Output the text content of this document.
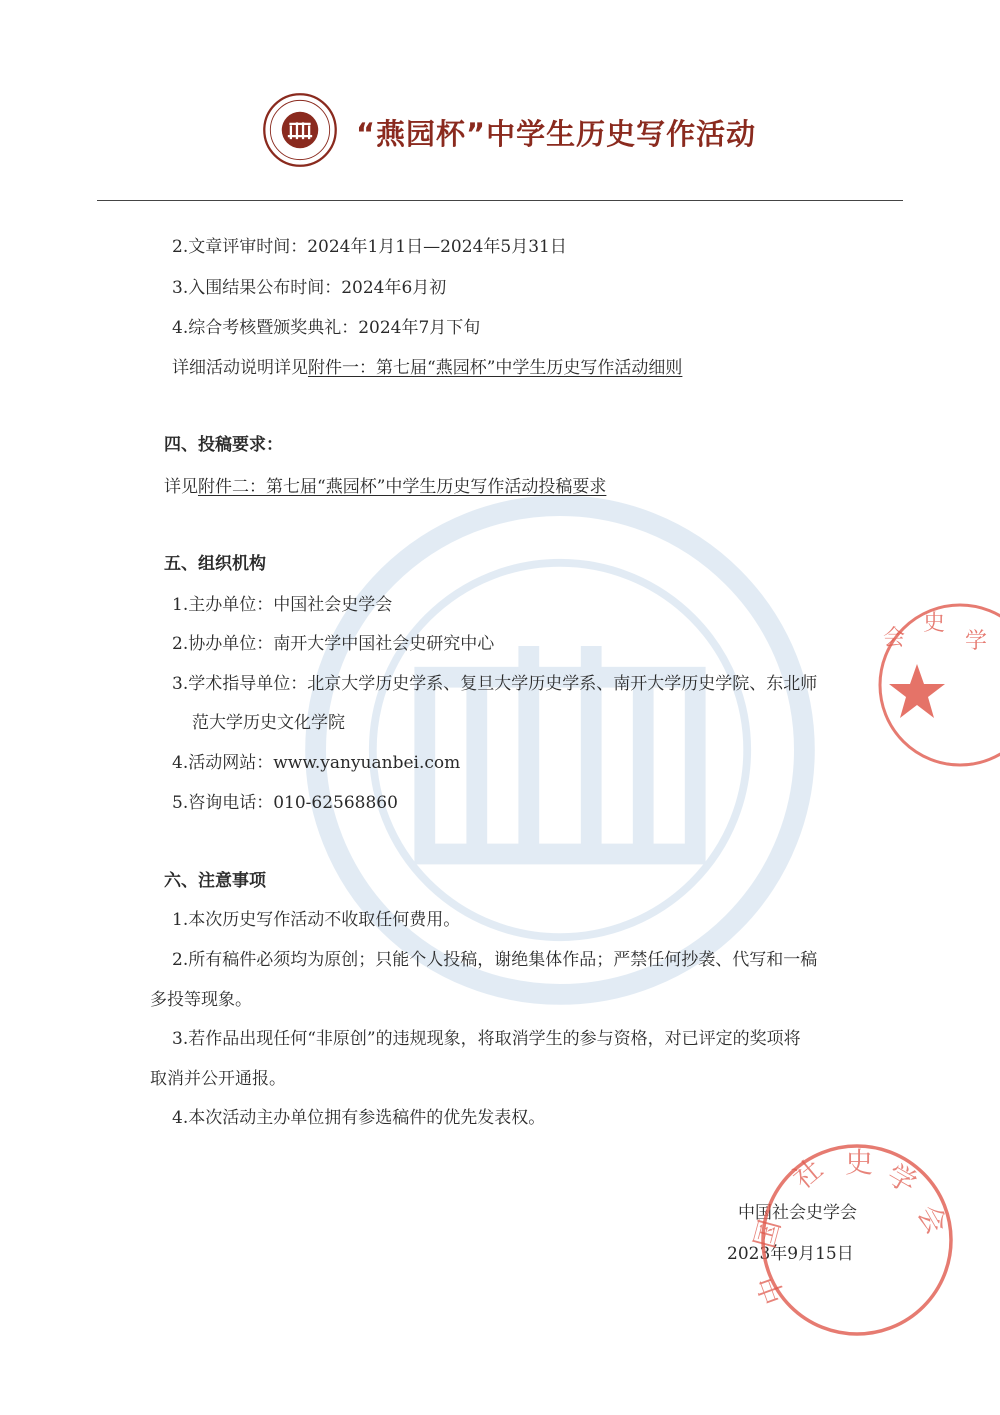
“燕园杯”中学生历史写作活动
2.文章评审时间：2024年1月1日—2024年5月31日
3.入围结果公布时间：2024年6月初
4.综合考核暨颁奖典礼：2024年7月下旬
详细活动说明详见附件一：第七届“燕园杯”中学生历史写作活动细则
四、投稿要求：
详见附件二：第七届“燕园杯”中学生历史写作活动投稿要求
五、组织机构
1.主办单位：中国社会史学会
2.协办单位：南开大学中国社会史研究中心
3.学术指导单位：北京大学历史学系、复旦大学历史学系、南开大学历史学院、东北师
范大学历史文化学院
4.活动网站：www.yanyuanbei.com
5.咨询电话：010-62568860
六、注意事项
1.本次历史写作活动不收取任何费用。
2.所有稿件必须均为原创；只能个人投稿，谢绝集体作品；严禁任何抄袭、代写和一稿
多投等现象。
3.若作品出现任何“非原创”的违规现象，将取消学生的参与资格，对已评定的奖项将
取消并公开通报。
4.本次活动主办单位拥有参选稿件的优先发表权。
会
史
学
中国社会史学会
2023年9月15日
社 史 学
会
国
中
